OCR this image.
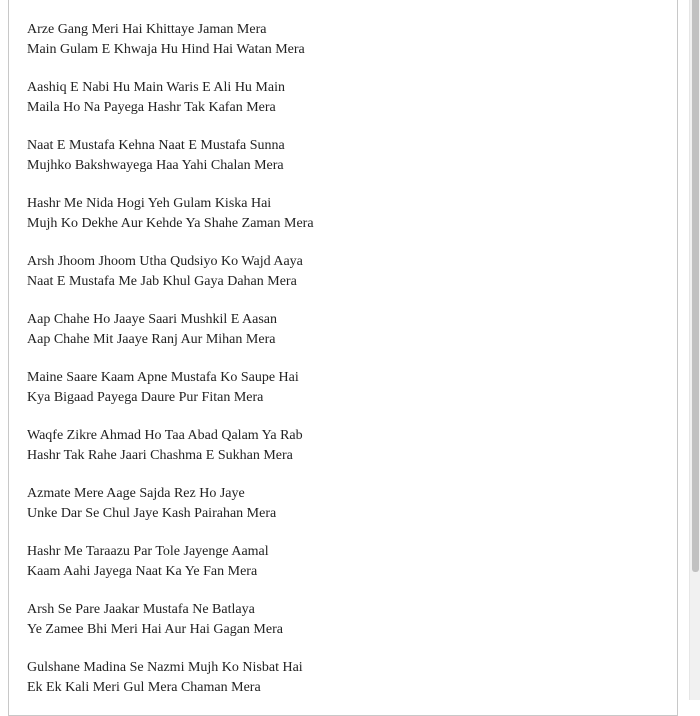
Arze Gang Meri Hai Khittaye Jaman Mera
Main Gulam E Khwaja Hu Hind Hai Watan Mera
Aashiq E Nabi Hu Main Waris E Ali Hu Main
Maila Ho Na Payega Hashr Tak Kafan Mera
Naat E Mustafa Kehna Naat E Mustafa Sunna
Mujhko Bakshwayega Haa Yahi Chalan Mera
Hashr Me Nida Hogi Yeh Gulam Kiska Hai
Mujh Ko Dekhe Aur Kehde Ya Shahe Zaman Mera
Arsh Jhoom Jhoom Utha Qudsiyo Ko Wajd Aaya
Naat E Mustafa Me Jab Khul Gaya Dahan Mera
Aap Chahe Ho Jaaye Saari Mushkil E Aasan
Aap Chahe Mit Jaaye Ranj Aur Mihan Mera
Maine Saare Kaam Apne Mustafa Ko Saupe Hai
Kya Bigaad Payega Daure Pur Fitan Mera
Waqfe Zikre Ahmad Ho Taa Abad Qalam Ya Rab
Hashr Tak Rahe Jaari Chashma E Sukhan Mera
Azmate Mere Aage Sajda Rez Ho Jaye
Unke Dar Se Chul Jaye Kash Pairahan Mera
Hashr Me Taraazu Par Tole Jayenge Aamal
Kaam Aahi Jayega Naat Ka Ye Fan Mera
Arsh Se Pare Jaakar Mustafa Ne Batlaya
Ye Zamee Bhi Meri Hai Aur Hai Gagan Mera
Gulshane Madina Se Nazmi Mujh Ko Nisbat Hai
Ek Ek Kali Meri Gul Mera Chaman Mera
